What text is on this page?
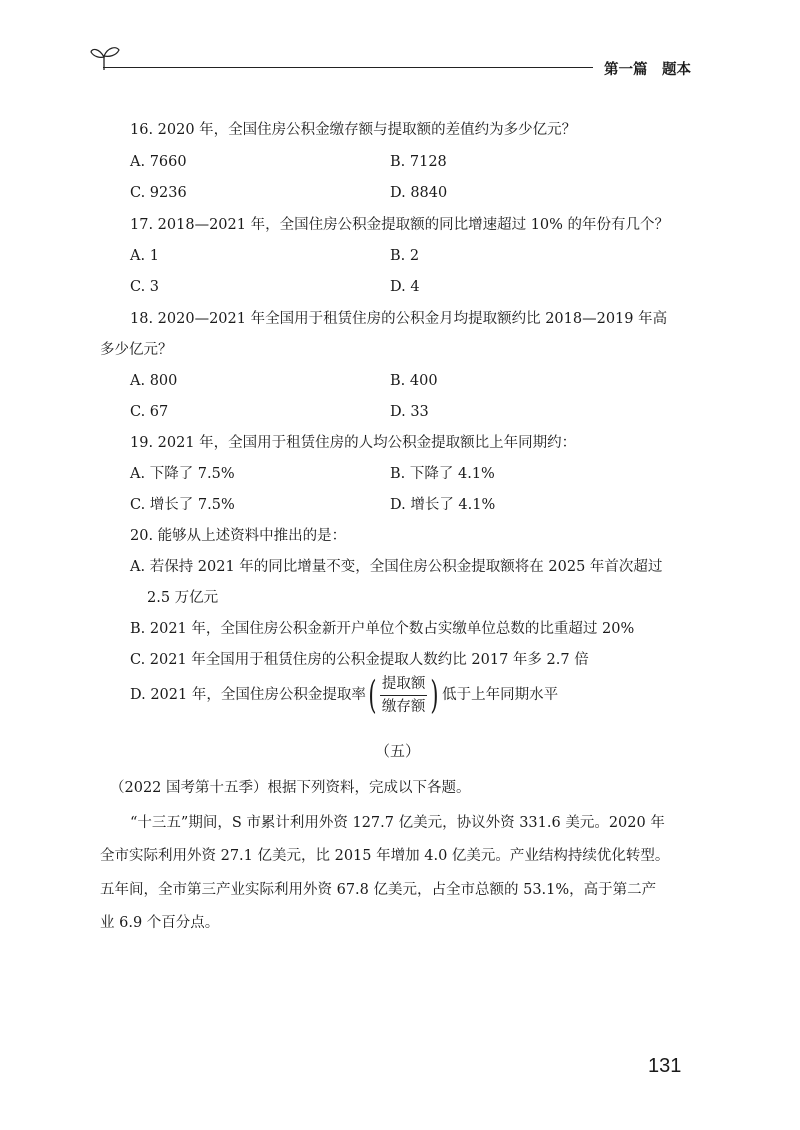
第一篇　题本
16. 2020 年，全国住房公积金缴存额与提取额的差值约为多少亿元？
A. 7660	B. 7128
C. 9236	D. 8840
17. 2018—2021 年，全国住房公积金提取额的同比增速超过 10% 的年份有几个？
A. 1	B. 2
C. 3	D. 4
18. 2020—2021 年全国用于租赁住房的公积金月均提取额约比 2018—2019 年高
多少亿元？
A. 800	B. 400
C. 67	D. 33
19. 2021 年，全国用于租赁住房的人均公积金提取额比上年同期约：
A. 下降了 7.5%	B. 下降了 4.1%
C. 增长了 7.5%	D. 增长了 4.1%
20. 能够从上述资料中推出的是：
A. 若保持 2021 年的同比增量不变，全国住房公积金提取额将在 2025 年首次超过
2.5 万亿元
B. 2021 年，全国住房公积金新开户单位个数占实缴单位总数的比重超过 20%
C. 2021 年全国用于租赁住房的公积金提取人数约比 2017 年多 2.7 倍
D. 2021 年，全国住房公积金提取率 ( $\frac{\text{提取额}}{\text{缴存额}}$ ) 低于上年同期水平
（五）
（2022 国考第十五季）根据下列资料，完成以下各题。
“十三五”期间，S 市累计利用外资 127.7 亿美元，协议外资 331.6 美元。2020 年
全市实际利用外资 27.1 亿美元，比 2015 年增加 4.0 亿美元。产业结构持续优化转型。
五年间，全市第三产业实际利用外资 67.8 亿美元，占全市总额的 53.1%，高于第二产
业 6.9 个百分点。
131
